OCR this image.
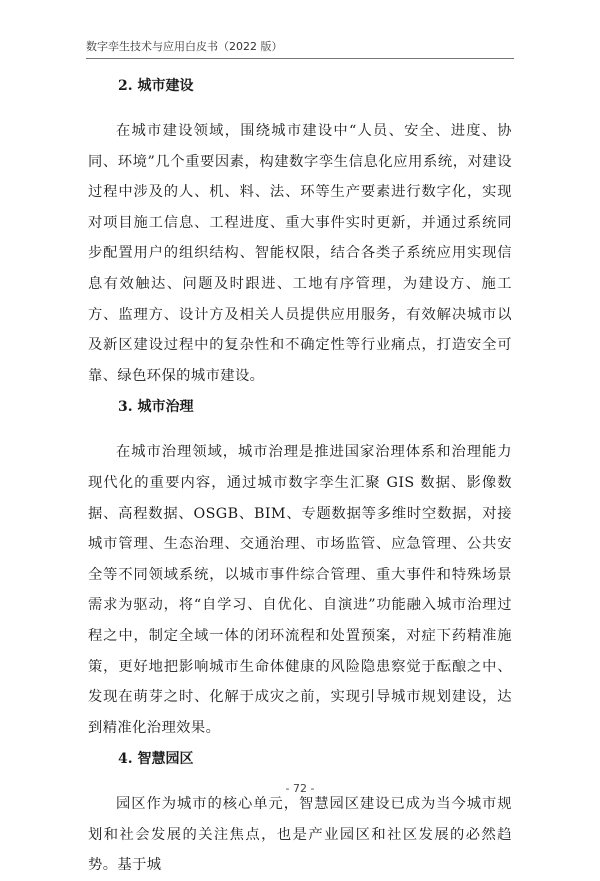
数字孪生技术与应用白皮书（2022 版）
2. 城市建设

在城市建设领域，围绕城市建设中“人员、安全、进度、协同、环境”几个重要因素，构建数字孪生信息化应用系统，对建设过程中涉及的人、机、料、法、环等生产要素进行数字化，实现对项目施工信息、工程进度、重大事件实时更新，并通过系统同步配置用户的组织结构、智能权限，结合各类子系统应用实现信息有效触达、问题及时跟进、工地有序管理，为建设方、施工方、监理方、设计方及相关人员提供应用服务，有效解决城市以及新区建设过程中的复杂性和不确定性等行业痛点，打造安全可靠、绿色环保的城市建设。

3. 城市治理

在城市治理领域，城市治理是推进国家治理体系和治理能力现代化的重要内容，通过城市数字孪生汇聚 GIS 数据、影像数据、高程数据、OSGB、BIM、专题数据等多维时空数据，对接城市管理、生态治理、交通治理、市场监管、应急管理、公共安全等不同领域系统，以城市事件综合管理、重大事件和特殊场景需求为驱动，将“自学习、自优化、自演进”功能融入城市治理过程之中，制定全域一体的闭环流程和处置预案，对症下药精准施策，更好地把影响城市生命体健康的风险隐患察觉于酝酿之中、发现在萌芽之时、化解于成灾之前，实现引导城市规划建设，达到精准化治理效果。

4. 智慧园区

园区作为城市的核心单元，智慧园区建设已成为当今城市规划和社会发展的关注焦点，也是产业园区和社区发展的必然趋势。基于城

- 72 -
